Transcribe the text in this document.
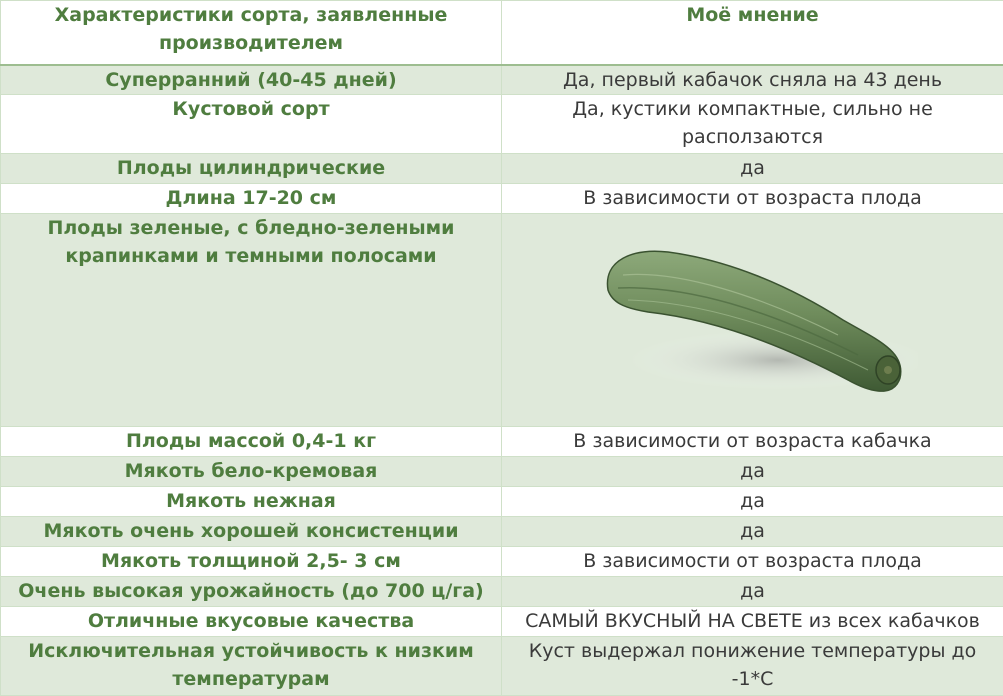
Характеристики сорта, заявленные производителем	Моё мнение
Суперранний (40-45 дней)	Да, первый кабачок сняла на 43 день
Кустовой сорт	Да, кустики компактные, сильно не расползаются
Плоды цилиндрические	да
Длина 17-20 см	В зависимости от возраста плода
Плоды зеленые, с бледно-зелеными крапинками и темными полосами	

Плоды массой 0,4-1 кг	В зависимости от возраста кабачка
Мякоть бело-кремовая	да
Мякоть нежная	да
Мякоть очень хорошей консистенции	да
Мякоть толщиной 2,5- 3 см	В зависимости от возраста плода
Очень высокая урожайность (до 700 ц/га)	да
Отличные вкусовые качества	САМЫЙ ВКУСНЫЙ НА СВЕТЕ из всех кабачков
Исключительная устойчивость к низким температурам	Куст выдержал понижение температуры до -1*С
